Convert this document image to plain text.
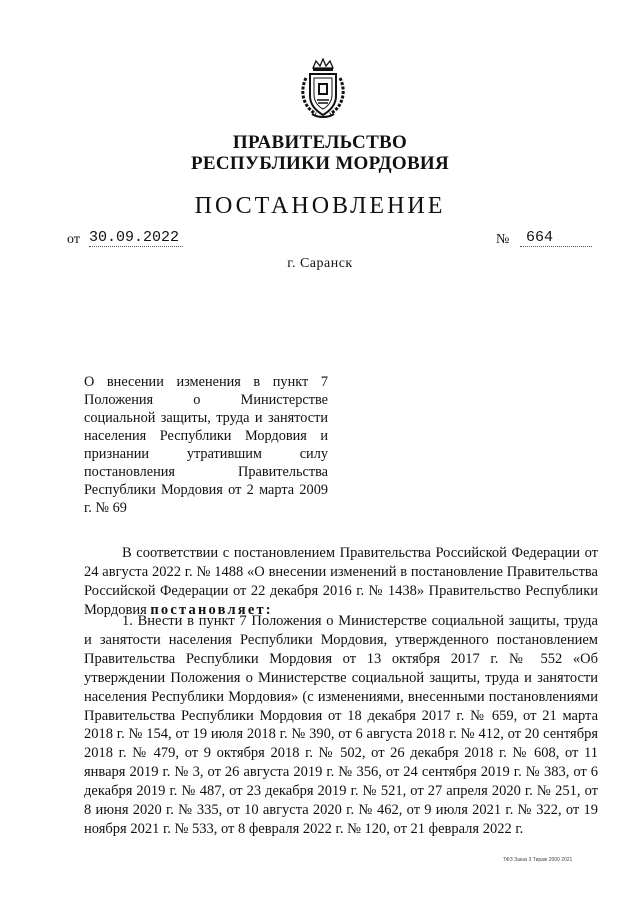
ПРАВИТЕЛЬСТВО
РЕСПУБЛИКИ МОРДОВИЯ
ПОСТАНОВЛЕНИЕ
от 30.09.2022	№	664
г. Саранск
О внесении изменения в пункт 7 Положения о Министерстве социальной защиты, труда и занятости населения Республики Мордовия и признании утратившим силу постановления Правительства Республики Мордовия от 2 марта 2009 г. № 69
В соответствии с постановлением Правительства Российской Федерации от 24 августа 2022 г. № 1488 «О внесении изменений в постановление Правительства Российской Федерации от 22 декабря 2016 г. № 1438» Правительство Республики Мордовия постановляет:
1. Внести в пункт 7 Положения о Министерстве социальной защиты, труда и занятости населения Республики Мордовия, утвержденного постановлением Правительства Республики Мордовия от 13 октября 2017 г. № 552 «Об утверждении Положения о Министерстве социальной защиты, труда и занятости населения Республики Мордовия» (с изменениями, внесенными постановлениями Правительства Республики Мордовия от 18 декабря 2017 г. № 659, от 21 марта 2018 г. № 154, от 19 июля 2018 г. № 390, от 6 августа 2018 г. № 412, от 20 сентября 2018 г. № 479, от 9 октября 2018 г. № 502, от 26 декабря 2018 г. № 608, от 11 января 2019 г. № 3, от 26 августа 2019 г. № 356, от 24 сентября 2019 г. № 383, от 6 декабря 2019 г. № 487, от 23 декабря 2019 г. № 521, от 27 апреля 2020 г. № 251, от 8 июня 2020 г. № 335, от 10 августа 2020 г. № 462, от 9 июля 2021 г. № 322, от 19 ноября 2021 г. № 533, от 8 февраля 2022 г. № 120, от 21 февраля 2022 г.
ТФЗ Заказ 3 Тираж 2000 2021
